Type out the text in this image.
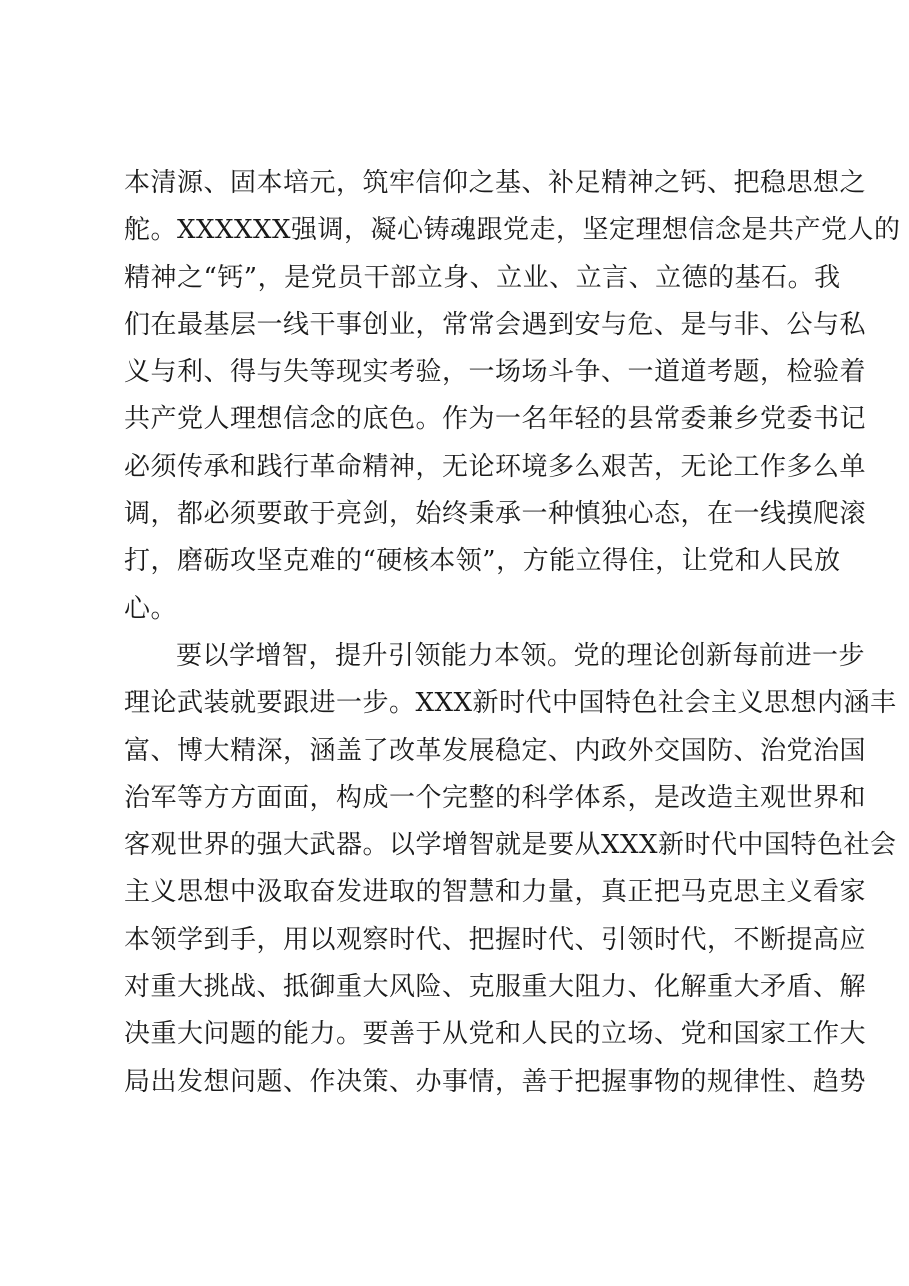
本清源、固本培元，筑牢信仰之基、补足精神之钙、把稳思想之
舵。XXXXXX强调，凝心铸魂跟党走，坚定理想信念是共产党人的
精神之“钙”，是党员干部立身、立业、立言、立德的基石。我
们在最基层一线干事创业，常常会遇到安与危、是与非、公与私
义与利、得与失等现实考验，一场场斗争、一道道考题，检验着
共产党人理想信念的底色。作为一名年轻的县常委兼乡党委书记
必须传承和践行革命精神，无论环境多么艰苦，无论工作多么单
调，都必须要敢于亮剑，始终秉承一种慎独心态，在一线摸爬滚
打，磨砺攻坚克难的“硬核本领”，方能立得住，让党和人民放
心。
要以学增智，提升引领能力本领。党的理论创新每前进一步
理论武装就要跟进一步。XXX新时代中国特色社会主义思想内涵丰
富、博大精深，涵盖了改革发展稳定、内政外交国防、治党治国
治军等方方面面，构成一个完整的科学体系，是改造主观世界和
客观世界的强大武器。以学增智就是要从XXX新时代中国特色社会
主义思想中汲取奋发进取的智慧和力量，真正把马克思主义看家
本领学到手，用以观察时代、把握时代、引领时代，不断提高应
对重大挑战、抵御重大风险、克服重大阻力、化解重大矛盾、解
决重大问题的能力。要善于从党和人民的立场、党和国家工作大
局出发想问题、作决策、办事情，善于把握事物的规律性、趋势
